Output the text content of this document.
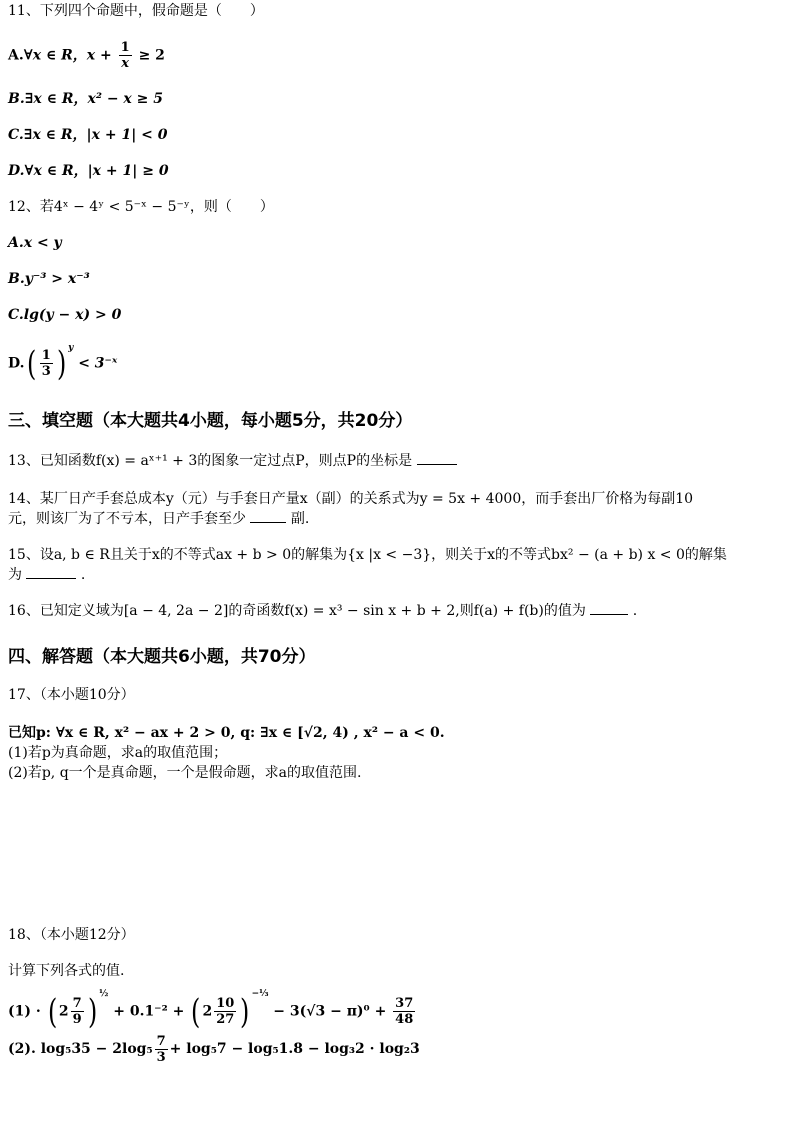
11、下列四个命题中，假命题是（　　）
A.∀x ∈ R，$x + \frac{1}{x} \ge 2$
B.∃x ∈ R，x² − x ≥ 5
C.∃x ∈ R，|x + 1| < 0
D.∀x ∈ R，|x + 1| ≥ 0
12、若4ˣ − 4ʸ < 5⁻ˣ − 5⁻ʸ，则（　　）
A.x < y
B.y⁻³ > x⁻³
C.lg(y − x) > 0
$D.( \frac{1}{3}$ ) $^y$ < 3⁻ˣ
三、填空题（本大题共4小题，每小题5分，共20分）
13、已知函数f(x) = aˣ⁺¹ + 3的图象一定过点P，则点P的坐标是
14、某厂日产手套总成本y（元）与手套日产量x（副）的关系式为y = 5x + 4000，而手套出厂价格为每副10
元，则该厂为了不亏本，日产手套至少	副.
15、设a, b ∈ R且关于x的不等式ax + b > 0的解集为{x |x < −3}，则关于x的不等式bx² − (a + b) x < 0的解集
为	.
16、已知定义域为[a − 4, 2a − 2]的奇函数f(x) = x³ − sin x + b + 2,则f(a) + f(b)的值为	.
四、解答题（本大题共6小题，共70分）
17、（本小题10分）
已知p: ∀x ∈ R, x² − ax + 2 > 0, q: ∃x ∈ [√2, 4) , x² − a < 0.
(1)若p为真命题，求a的取值范围；
(2)若p, q一个是真命题，一个是假命题，求a的取值范围.
18、（本小题12分）
计算下列各式的值.
(1) · ( $2 \frac{7}{9}$ ) $^{\frac{1}{2}}$ + 0.1⁻² + ( $2 \frac{10}{27}$ ) $^{-\frac{1}{3}} - 3(√3 - \pi)^0 + \frac{37}{48}$
(2). $\log_535 - 2\log_5 \frac{7}{3} + \log_57 - \log_51.8 - \log_32 \cdot \log_23$
